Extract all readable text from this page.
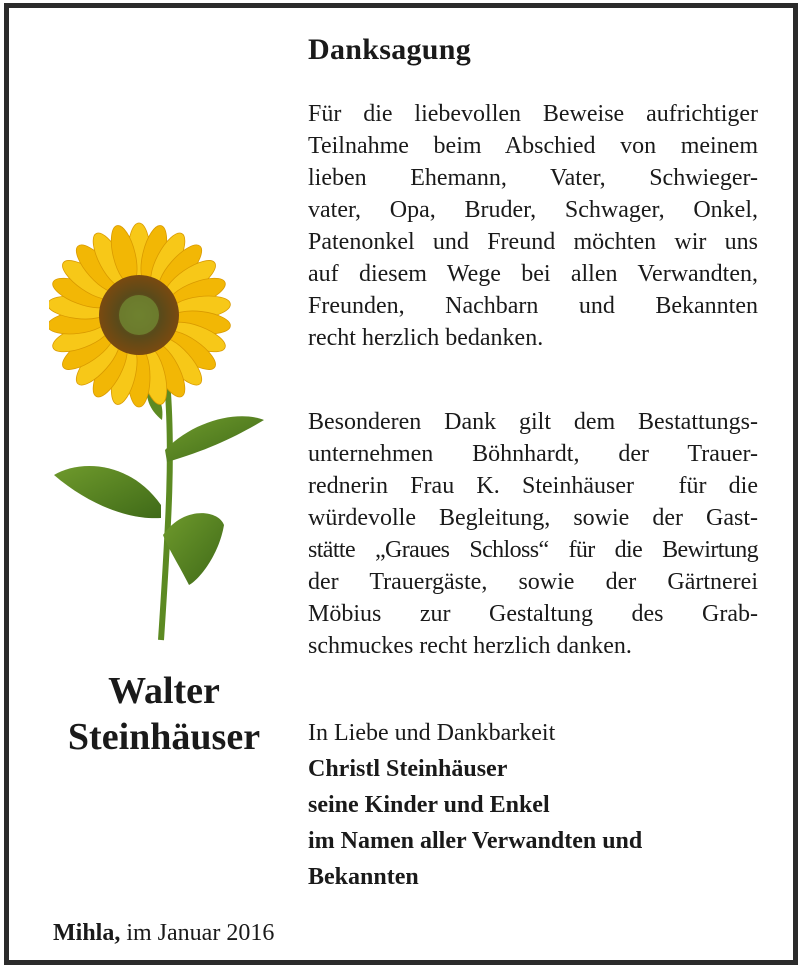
Danksagung

Für die liebevollen Beweise aufrichtiger
Teilnahme beim Abschied von meinem
lieben Ehemann, Vater, Schwieger-
vater, Opa, Bruder, Schwager, Onkel,
Patenonkel und Freund möchten wir uns
auf diesem Wege bei allen Verwandten,
Freunden, Nachbarn und Bekannten
recht herzlich bedanken.

Besonderen Dank gilt dem Bestattungs-
unternehmen Böhnhardt, der Trauer-
rednerin Frau K. Steinhäuser  für die
würdevolle Begleitung, sowie der Gast-
stätte „Graues Schloss“ für die Bewirtung
der Trauergäste, sowie der Gärtnerei
Möbius zur Gestaltung des Grab-
schmuckes recht herzlich danken.

In Liebe und Dankbarkeit
Christl Steinhäuser
seine Kinder und Enkel
im Namen aller Verwandten und
Bekannten
Walter
Steinhäuser
Mihla, im Januar 2016
